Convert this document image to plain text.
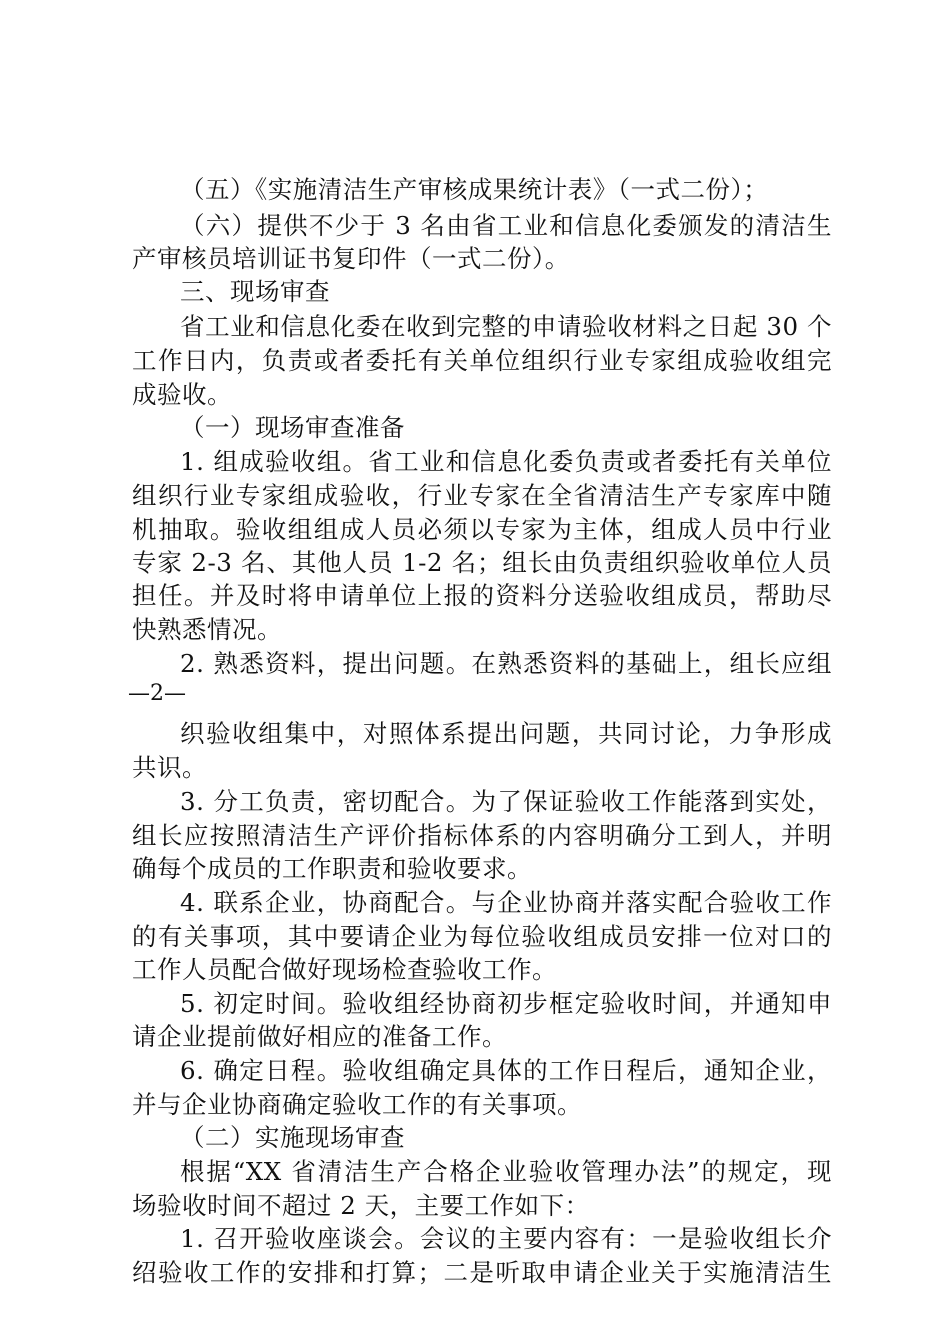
（五）《实施清洁生产审核成果统计表》（一式二份）；
（六）提供不少于 3 名由省工业和信息化委颁发的清洁生
产审核员培训证书复印件（一式二份）。
三、现场审查
省工业和信息化委在收到完整的申请验收材料之日起 30 个
工作日内，负责或者委托有关单位组织行业专家组成验收组完
成验收。
（一）现场审查准备
1. 组成验收组。省工业和信息化委负责或者委托有关单位
组织行业专家组成验收，行业专家在全省清洁生产专家库中随
机抽取。验收组组成人员必须以专家为主体，组成人员中行业
专家 2-3 名、其他人员 1-2 名；组长由负责组织验收单位人员
担任。并及时将申请单位上报的资料分送验收组成员，帮助尽
快熟悉情况。
2. 熟悉资料，提出问题。在熟悉资料的基础上，组长应组
—2—
织验收组集中，对照体系提出问题，共同讨论，力争形成
共识。
3. 分工负责，密切配合。为了保证验收工作能落到实处，
组长应按照清洁生产评价指标体系的内容明确分工到人，并明
确每个成员的工作职责和验收要求。
4. 联系企业，协商配合。与企业协商并落实配合验收工作
的有关事项，其中要请企业为每位验收组成员安排一位对口的
工作人员配合做好现场检查验收工作。
5. 初定时间。验收组经协商初步框定验收时间，并通知申
请企业提前做好相应的准备工作。
6. 确定日程。验收组确定具体的工作日程后，通知企业，
并与企业协商确定验收工作的有关事项。
（二）实施现场审查
根据“XX 省清洁生产合格企业验收管理办法”的规定，现
场验收时间不超过 2 天，主要工作如下：
1. 召开验收座谈会。会议的主要内容有：一是验收组长介
绍验收工作的安排和打算；二是听取申请企业关于实施清洁生
